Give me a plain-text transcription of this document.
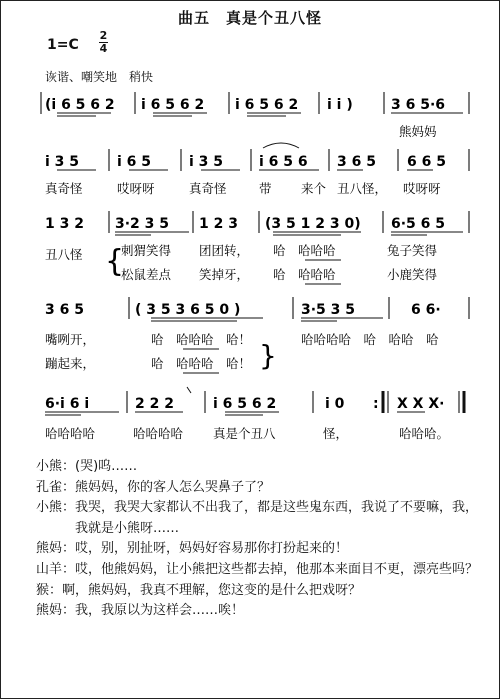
曲五　真是个丑八怪
1=C
2
4
诙谐、嘲笑地　稍快
(i 6 5 6 2 i 6 5 6 2 i 6 5 6 2 i i )	3 6 5·6
熊妈妈
i 3 5	i 6 5	i 3 5	i 6 5 6 3 6 5 6 6 5
真奇怪	哎呀呀	真奇怪	带 来个 丑八怪， 哎呀呀
1 3 2 3·2 3 5 1 2 3 (3 5 1 2 3 0) 6·5 6 5
丑八怪 {
刺猬笑得 团团转， 哈　哈哈哈	兔子笑得
松鼠差点 笑掉牙， 哈　哈哈哈	小鹿笑得
3 6 5	( 3 5 3 6 5 0 )	3·5 3 5	6 6·
嘴咧开，	哈　哈哈哈　哈！
蹦起来，	哈　哈哈哈　哈！ } 哈哈哈哈　哈　哈哈　哈
6·i 6 i	2 2 2	i 6 5 6 2	i 0 : X X X·
哈哈哈哈	哈哈哈哈 真是个丑八	怪，	哈哈哈。
小熊： (哭)呜……
孔雀： 熊妈妈，你的客人怎么哭鼻子了？
小熊： 我哭，我哭大家都认不出我了，都是这些鬼东西，我说了不要嘛，我，我就是小熊呀……
熊妈： 哎，别，别扯呀，妈妈好容易那你打扮起来的！
山羊： 哎，他熊妈妈，让小熊把这些都去掉，他那本来面目不更，漂亮些吗？
猴： 啊，熊妈妈，我真不理解，您这变的是什么把戏呀？
熊妈： 我，我原以为这样会……唉！
